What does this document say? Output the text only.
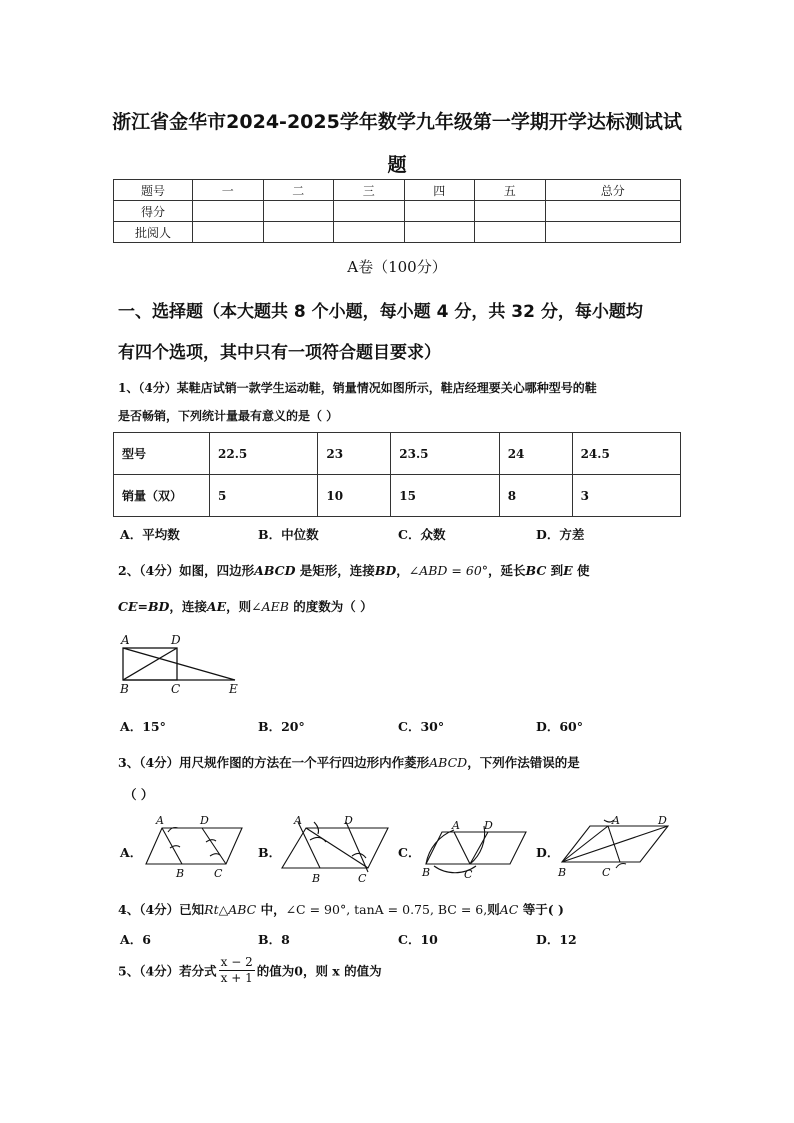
浙江省金华市2024-2025学年数学九年级第一学期开学达标测试试
题
题号	一	二	三	四	五	总分
得分						
批阅人						
A卷（100分）
一、选择题（本大题共 8 个小题，每小题 4 分，共 32 分，每小题均
有四个选项，其中只有一项符合题目要求）
1、（4分）某鞋店试销一款学生运动鞋，销量情况如图所示，鞋店经理要关心哪种型号的鞋
是否畅销，下列统计量最有意义的是（ ）
型号	22.5	23	23.5	24	24.5
销量（双）	5	10	15	8	3
A．平均数	B．中位数	C．众数	D．方差
2、（4分）如图，四边形ABCD 是矩形，连接BD，∠ABD = 60°，延长BC 到E 使
CE=BD，连接AE，则∠AEB 的度数为（ ）
A	D
B	C	E
A．15°	B．20°	C．30°	D．60°
3、（4分）用尺规作图的方法在一个平行四边形内作菱形ABCD，下列作法错误的是
（ ）
A．	B．	C．	D．
A	D
B	C
A	D
B	C
A D
B	C
A	D
B	C
4、（4分）已知Rt△ABC 中，∠C = 90°, tanA = 0.75, BC = 6,则AC 等于( )
A．6	B．8	C．10	D．12
5、（4分）若分式 $\frac{x - 2}{x + 1}$ 的值为0，则 x 的值为
